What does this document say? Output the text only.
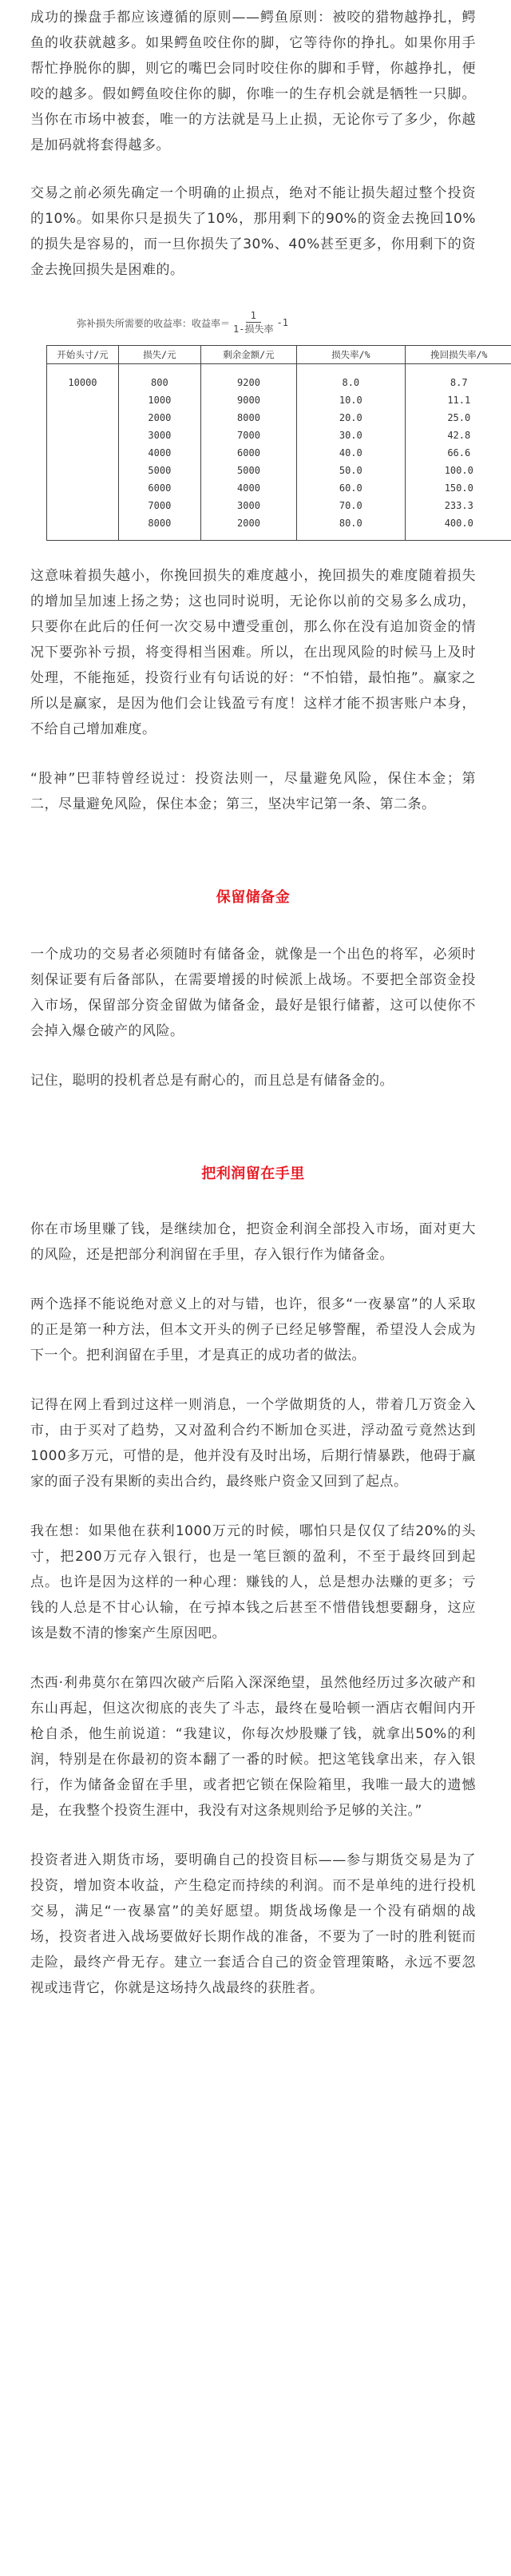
成功的操盘手都应该遵循的原则——鳄鱼原则：被咬的猎物越挣扎，鳄鱼的收获就越多。如果鳄鱼咬住你的脚，它等待你的挣扎。如果你用手帮忙挣脱你的脚，则它的嘴巴会同时咬住你的脚和手臂，你越挣扎，便咬的越多。假如鳄鱼咬住你的脚，你唯一的生存机会就是牺牲一只脚。当你在市场中被套，唯一的方法就是马上止损，无论你亏了多少，你越是加码就将套得越多。

交易之前必须先确定一个明确的止损点，绝对不能让损失超过整个投资的10%。如果你只是损失了10%，那用剩下的90%的资金去挽回10%的损失是容易的，而一旦你损失了30%、40%甚至更多，你用剩下的资金去挽回损失是困难的。

弥补损失所需要的收益率：收益率＝ $\frac{1}{\text{1-损失率}} -1$
开始头寸/元	损失/元	剩余金额/元	损失率/%	挽回损失率/%
10000	800	9200	8.0	8.7
	1000	9000	10.0	11.1
	2000	8000	20.0	25.0
	3000	7000	30.0	42.8
	4000	6000	40.0	66.6
	5000	5000	50.0	100.0
	6000	4000	60.0	150.0
	7000	3000	70.0	233.3
	8000	2000	80.0	400.0

这意味着损失越小，你挽回损失的难度越小，挽回损失的难度随着损失的增加呈加速上扬之势；这也同时说明，无论你以前的交易多么成功，只要你在此后的任何一次交易中遭受重创，那么你在没有追加资金的情况下要弥补亏损，将变得相当困难。所以，在出现风险的时候马上及时处理，不能拖延，投资行业有句话说的好：“不怕错，最怕拖”。赢家之所以是赢家，是因为他们会让钱盈亏有度！这样才能不损害账户本身，不给自己增加难度。

“股神”巴菲特曾经说过：投资法则一，尽量避免风险，保住本金；第二，尽量避免风险，保住本金；第三，坚决牢记第一条、第二条。

保留储备金

一个成功的交易者必须随时有储备金，就像是一个出色的将军，必须时刻保证要有后备部队，在需要增援的时候派上战场。不要把全部资金投入市场，保留部分资金留做为储备金，最好是银行储蓄，这可以使你不会掉入爆仓破产的风险。

记住，聪明的投机者总是有耐心的，而且总是有储备金的。

把利润留在手里

你在市场里赚了钱，是继续加仓，把资金利润全部投入市场，面对更大的风险，还是把部分利润留在手里，存入银行作为储备金。

两个选择不能说绝对意义上的对与错，也许，很多“一夜暴富”的人采取的正是第一种方法，但本文开头的例子已经足够警醒，希望没人会成为下一个。把利润留在手里，才是真正的成功者的做法。

记得在网上看到过这样一则消息，一个学做期货的人，带着几万资金入市，由于买对了趋势，又对盈利合约不断加仓买进，浮动盈亏竟然达到1000多万元，可惜的是，他并没有及时出场，后期行情暴跌，他碍于赢家的面子没有果断的卖出合约，最终账户资金又回到了起点。

我在想：如果他在获利1000万元的时候，哪怕只是仅仅了结20%的头寸，把200万元存入银行，也是一笔巨额的盈利，不至于最终回到起点。也许是因为这样的一种心理：赚钱的人，总是想办法赚的更多；亏钱的人总是不甘心认输，在亏掉本钱之后甚至不惜借钱想要翻身，这应该是数不清的惨案产生原因吧。

杰西·利弗莫尔在第四次破产后陷入深深绝望，虽然他经历过多次破产和东山再起，但这次彻底的丧失了斗志，最终在曼哈顿一酒店衣帽间内开枪自杀，他生前说道：“我建议，你每次炒股赚了钱，就拿出50%的利润，特别是在你最初的资本翻了一番的时候。把这笔钱拿出来，存入银行，作为储备金留在手里，或者把它锁在保险箱里，我唯一最大的遗憾是，在我整个投资生涯中，我没有对这条规则给予足够的关注。”

投资者进入期货市场，要明确自己的投资目标——参与期货交易是为了投资，增加资本收益，产生稳定而持续的利润。而不是单纯的进行投机交易，满足“一夜暴富”的美好愿望。期货战场像是一个没有硝烟的战场，投资者进入战场要做好长期作战的准备，不要为了一时的胜利铤而走险，最终产骨无存。建立一套适合自己的资金管理策略，永远不要忽视或违背它，你就是这场持久战最终的获胜者。
